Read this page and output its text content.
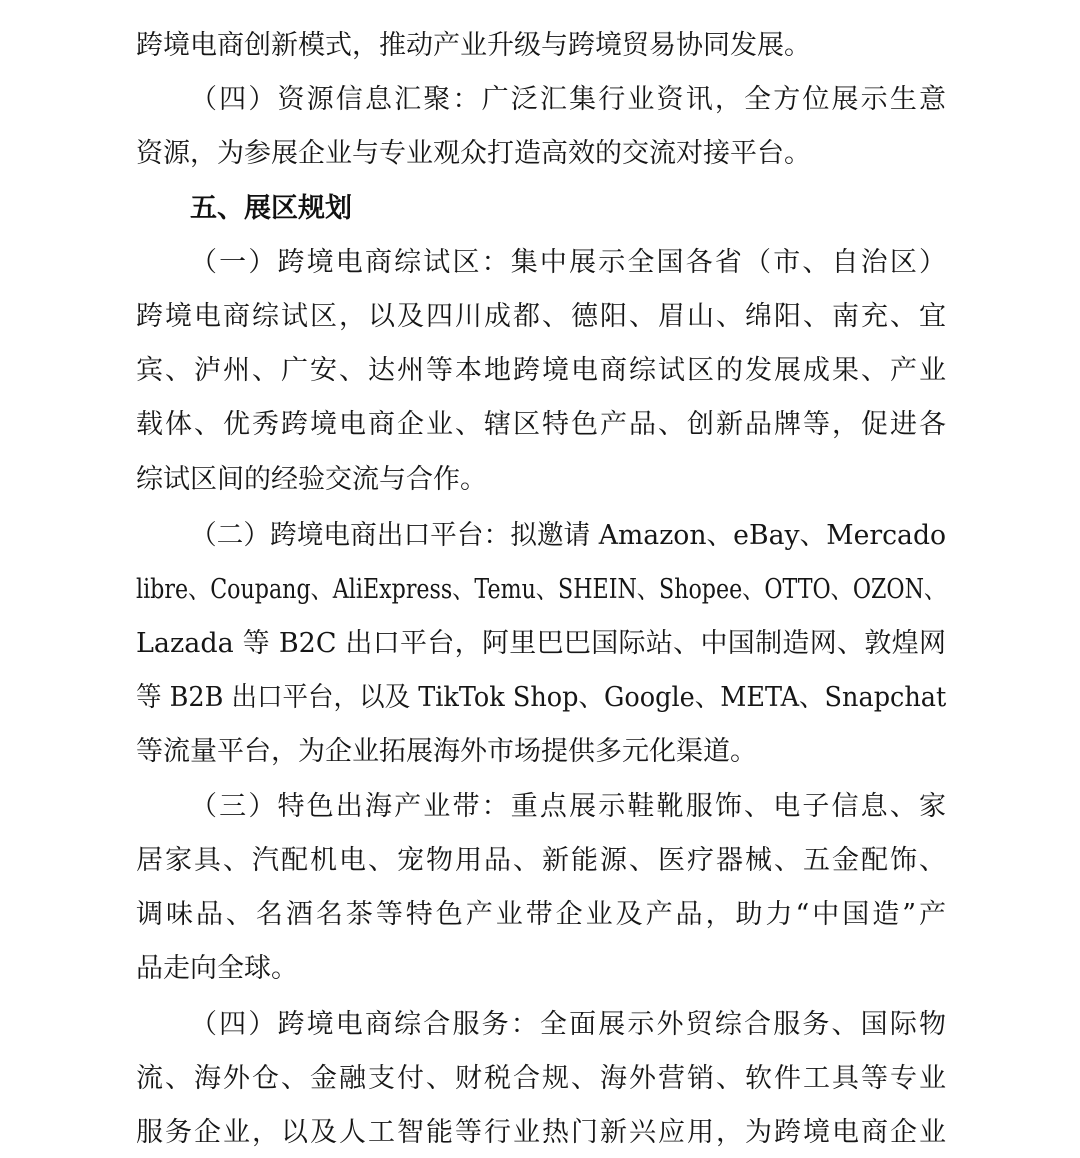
跨境电商创新模式，推动产业升级与跨境贸易协同发展。
（四）资源信息汇聚：广泛汇集行业资讯，全方位展示生意
资源，为参展企业与专业观众打造高效的交流对接平台。
五、展区规划
（一）跨境电商综试区：集中展示全国各省（市、自治区）
跨境电商综试区，以及四川成都、德阳、眉山、绵阳、南充、宜
宾、泸州、广安、达州等本地跨境电商综试区的发展成果、产业
载体、优秀跨境电商企业、辖区特色产品、创新品牌等，促进各
综试区间的经验交流与合作。
（二）跨境电商出口平台：拟邀请 Amazon、eBay、Mercado
libre、Coupang、AliExpress、Temu、SHEIN、Shopee、OTTO、OZON、
Lazada 等 B2C 出口平台，阿里巴巴国际站、中国制造网、敦煌网
等 B2B 出口平台，以及 TikTok Shop、Google、META、Snapchat
等流量平台，为企业拓展海外市场提供多元化渠道。
（三）特色出海产业带：重点展示鞋靴服饰、电子信息、家
居家具、汽配机电、宠物用品、新能源、医疗器械、五金配饰、
调味品、名酒名茶等特色产业带企业及产品，助力“中国造”产
品走向全球。
（四）跨境电商综合服务：全面展示外贸综合服务、国际物
流、海外仓、金融支付、财税合规、海外营销、软件工具等专业
服务企业，以及人工智能等行业热门新兴应用，为跨境电商企业
